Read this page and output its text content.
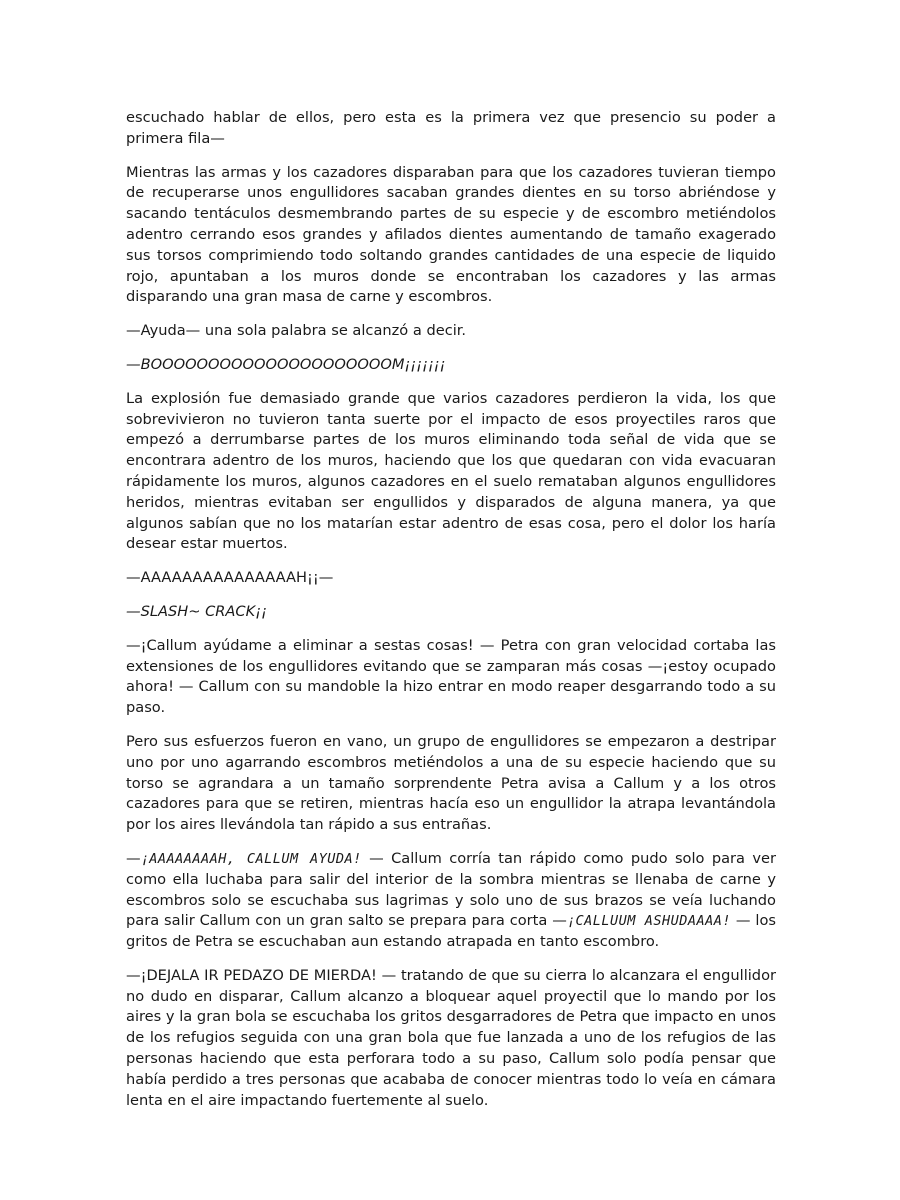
escuchado hablar de ellos, pero esta es la primera vez que presencio su poder a primera fila—

Mientras las armas y los cazadores disparaban para que los cazadores tuvieran tiempo de recuperarse unos engullidores sacaban grandes dientes en su torso abriéndose y sacando tentáculos desmembrando partes de su especie y de escombro metiéndolos adentro cerrando esos grandes y afilados dientes aumentando de tamaño exagerado sus torsos comprimiendo todo soltando grandes cantidades de una especie de liquido rojo, apuntaban a los muros donde se encontraban los cazadores y las armas disparando una gran masa de carne y escombros.

—Ayuda— una sola palabra se alcanzó a decir.

—BOOOOOOOOOOOOOOOOOOOOOM¡¡¡¡¡¡¡

La explosión fue demasiado grande que varios cazadores perdieron la vida, los que sobrevivieron no tuvieron tanta suerte por el impacto de esos proyectiles raros que empezó a derrumbarse partes de los muros eliminando toda señal de vida que se encontrara adentro de los muros, haciendo que los que quedaran con vida evacuaran rápidamente los muros, algunos cazadores en el suelo remataban algunos engullidores heridos, mientras evitaban ser engullidos y disparados de alguna manera, ya que algunos sabían que no los matarían estar adentro de esas cosa, pero el dolor los haría desear estar muertos.

—AAAAAAAAAAAAAAAH¡¡—

—SLASH~ CRACK¡¡

—¡Callum ayúdame a eliminar a sestas cosas! — Petra con gran velocidad cortaba las extensiones de los engullidores evitando que se zamparan más cosas —¡estoy ocupado ahora! — Callum con su mandoble la hizo entrar en modo reaper desgarrando todo a su paso.

Pero sus esfuerzos fueron en vano, un grupo de engullidores se empezaron a destripar uno por uno agarrando escombros metiéndolos a una de su especie haciendo que su torso se agrandara a un tamaño sorprendente Petra avisa a Callum y a los otros cazadores para que se retiren, mientras hacía eso un engullidor la atrapa levantándola por los aires llevándola tan rápido a sus entrañas.

—¡AAAAAAAAH, CALLUM AYUDA! — Callum corría tan rápido como pudo solo para ver como ella luchaba para salir del interior de la sombra mientras se llenaba de carne y escombros solo se escuchaba sus lagrimas y solo uno de sus brazos se veía luchando para salir Callum con un gran salto se prepara para corta —¡CALLUUM ASHUDAAAA! — los gritos de Petra se escuchaban aun estando atrapada en tanto escombro.

—¡DEJALA IR PEDAZO DE MIERDA! — tratando de que su cierra lo alcanzara el engullidor no dudo en disparar, Callum alcanzo a bloquear aquel proyectil que lo mando por los aires y la gran bola se escuchaba los gritos desgarradores de Petra que impacto en unos de los refugios seguida con una gran bola que fue lanzada a uno de los refugios de las personas haciendo que esta perforara todo a su paso, Callum solo podía pensar que había perdido a tres personas que acababa de conocer mientras todo lo veía en cámara lenta en el aire impactando fuertemente al suelo.
